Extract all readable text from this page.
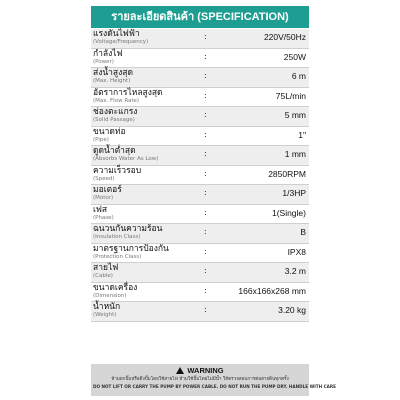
รายละเอียดสินค้า (SPECIFICATION)
แรงดันไฟฟ้า
(Voltage/Frequency)
:	220V/50Hz
กำลังไฟ
(Power)
:	250W
ส่งน้ำสูงสุด
(Max. Height)
:	6 m
อัตราการไหลสูงสุด
(Max. Flow Rate)
:	75L/min
ช่องตะแกรง
(Solid Passage)
:	5 mm
ขนาดท่อ
(Pipe)
:	1"
ดูดน้ำต่ำสุด
(Absorbs Water As Low)
:	1 mm
ความเร็วรอบ
(Speed)
:	2850RPM
มอเตอร์
(Motor)
:	1/3HP
เฟส
(Phase)
:	1(Single)
ฉนวนกันความร้อน
(Insulation Class)
:	B
มาตรฐานการป้องกัน
(Protection Class)
:	IPX8
สายไฟ
(Cable)
:	3.2 m
ขนาดเครื่อง
(Dimension)
:	166x166x268 mm
น้ำหนัก
(Weight)
:	3.20 kg
WARNING
ห้ามยกปั๊มหรือดึงปั๊มโดยใช้สายไฟ ห้ามใช้ปั๊มโดยไม่มีน้ำ ให้ตรวจสอบการต่อสายดินทุกครั้ง
DO NOT LIFT OR CARRY THE PUMP BY POWER CABLE. DO NOT RUN THE PUMP DRY. HANDLE WITH CARE
